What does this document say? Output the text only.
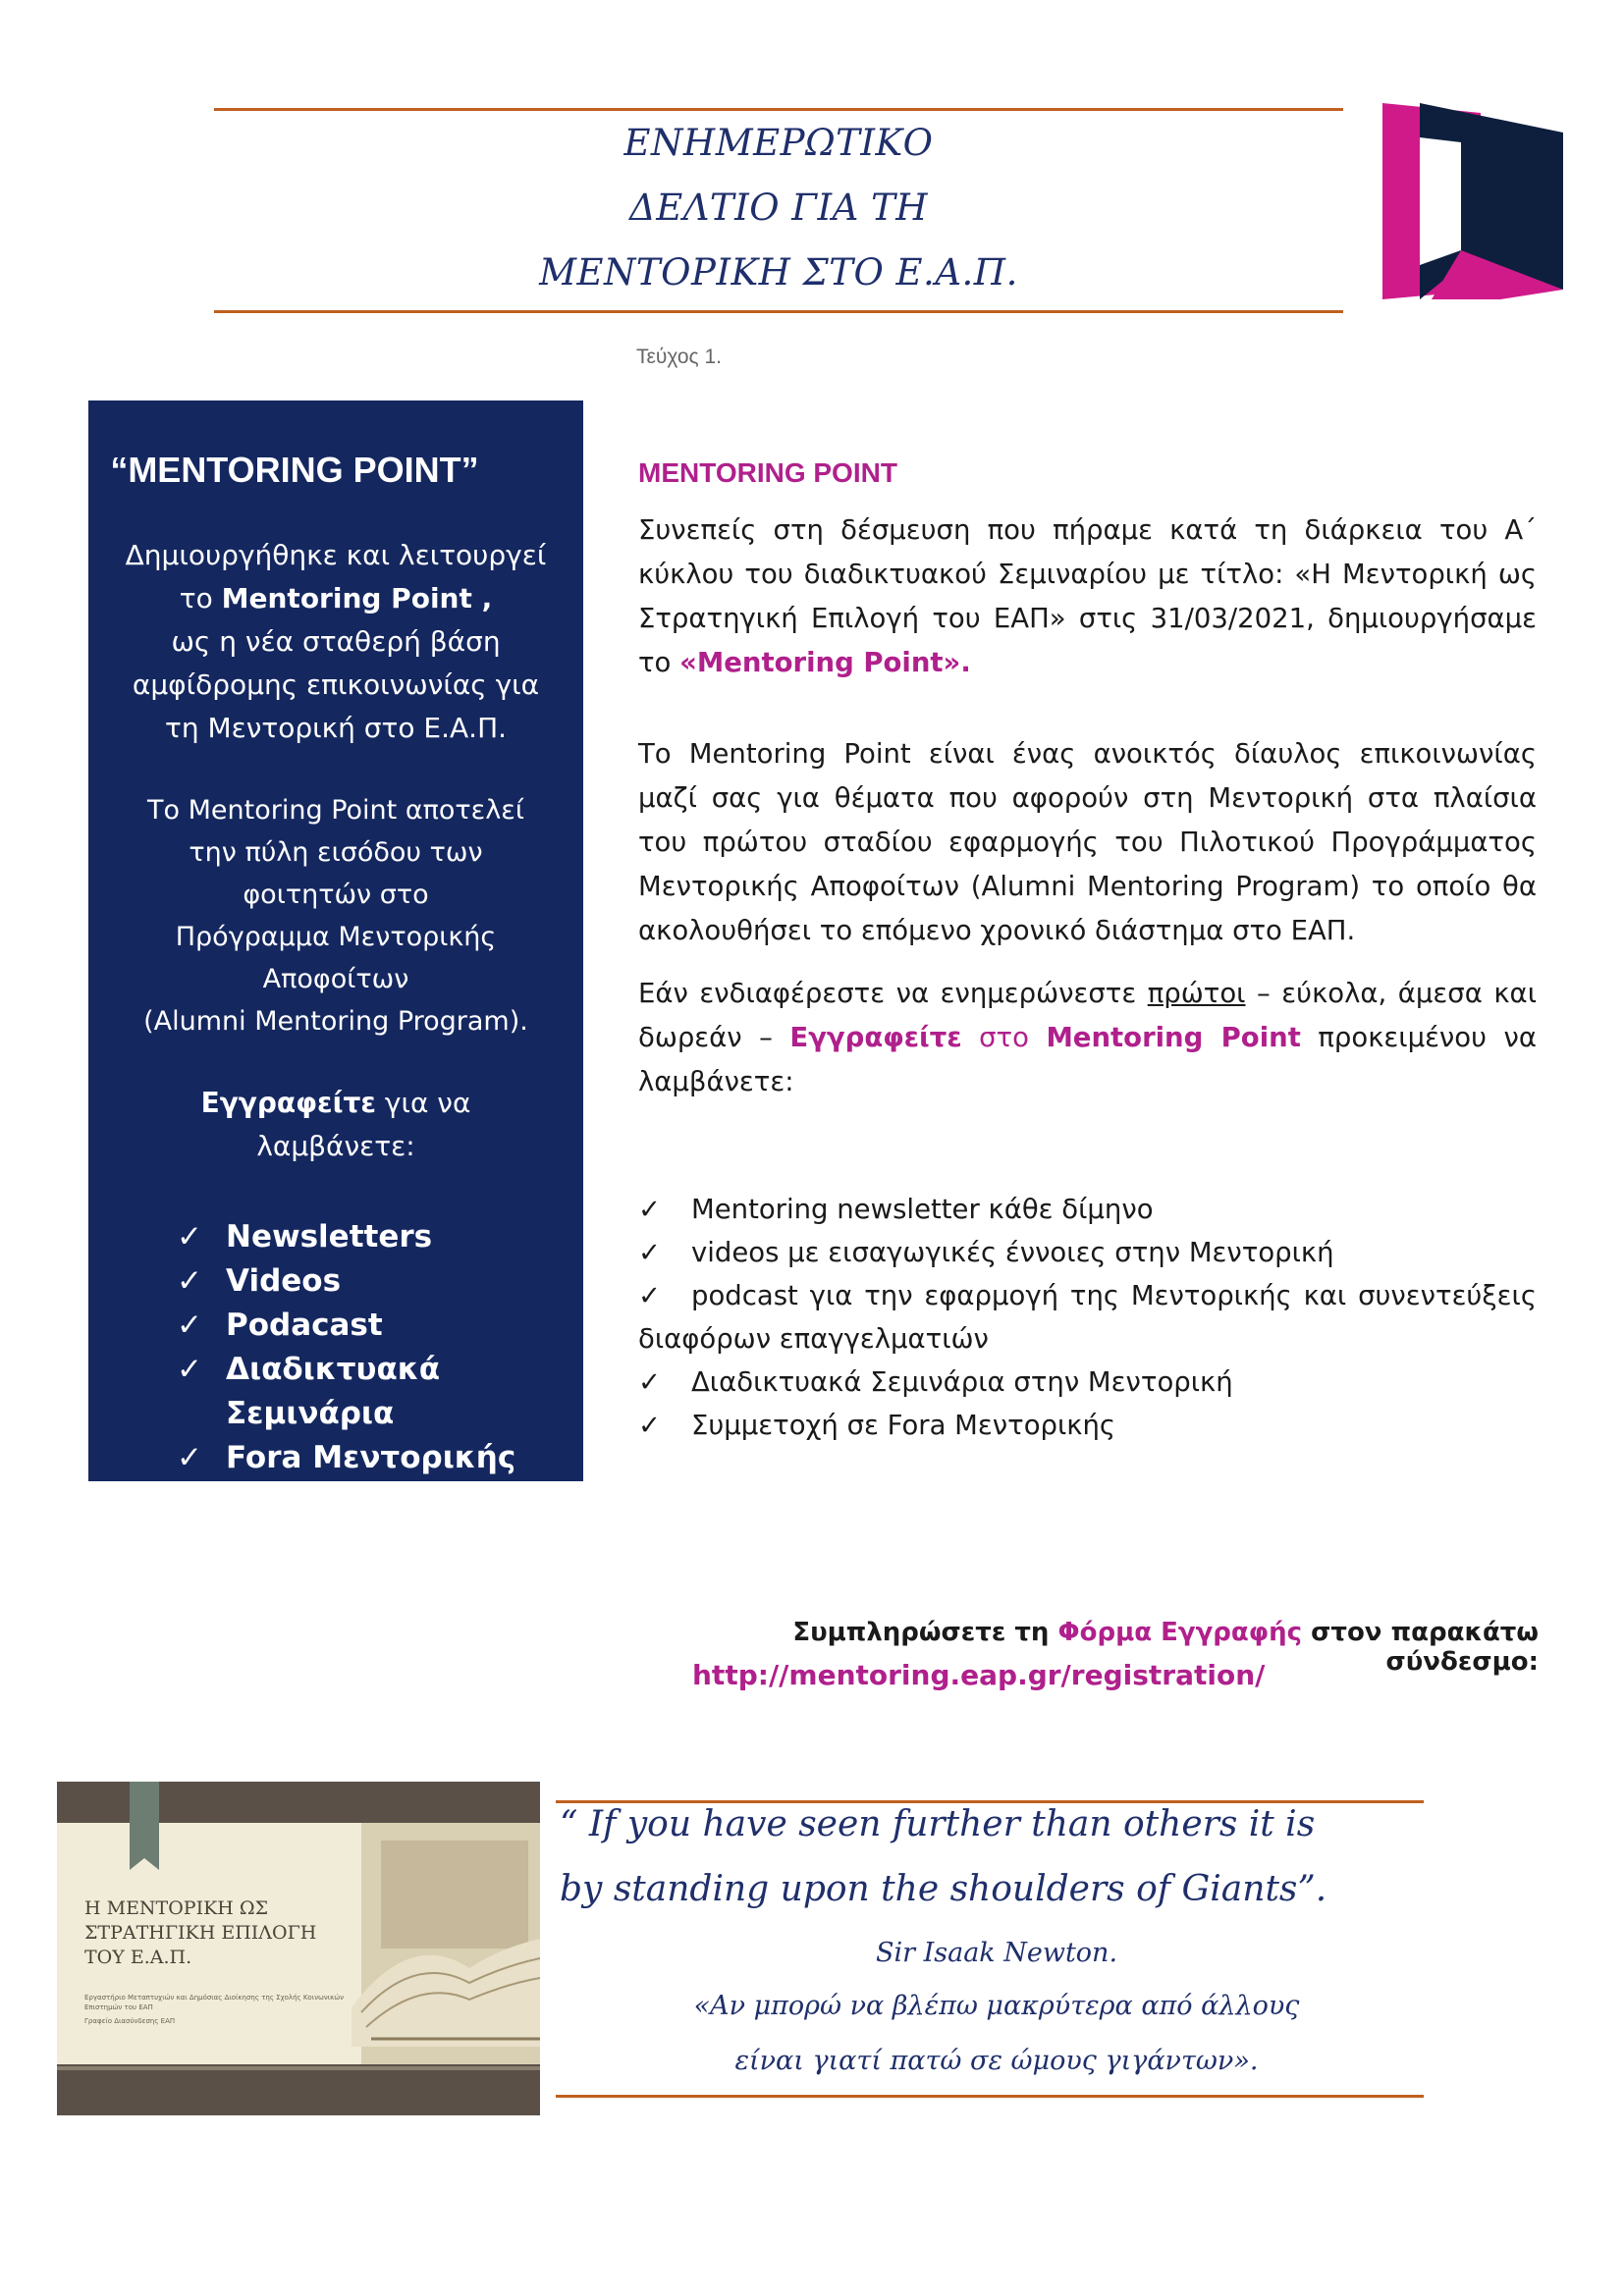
ΕΝΗΜΕΡΩΤΙΚΟ
ΔΕΛΤΙΟ ΓΙΑ ΤΗ
ΜΕΝΤΟΡΙΚΗ ΣΤΟ Ε.Α.Π.
Τεύχος 1.
“MENTORING POINT”
Δημιουργήθηκε και λειτουργεί
το Mentoring Point ,
ως η νέα σταθερή βάση
αμφίδρομης επικοινωνίας για
τη Μεντορική στο Ε.Α.Π.
Το Mentoring Point αποτελεί
την πύλη εισόδου των
φοιτητών στο
Πρόγραμμα Μεντορικής
Αποφοίτων
(Alumni Mentoring Program).
Εγγραφείτε για να
λαμβάνετε:
✓ Newsletters
✓ Videos
✓ Podacast
✓ Διαδικτυακά
Σεμινάρια
✓ Fora Μεντορικής
MENTORING POINT
Συνεπείς στη δέσμευση που πήραμε κατά τη διάρκεια του Α΄ κύκλου του διαδικτυακού Σεμιναρίου με τίτλο: «Η Μεντορική ως Στρατηγική Επιλογή του ΕΑΠ» στις 31/03/2021, δημιουργήσαμε το «Mentoring Point».
Το Mentoring Point είναι ένας ανοικτός δίαυλος επικοινωνίας μαζί σας για θέματα που αφορούν στη Μεντορική στα πλαίσια του πρώτου σταδίου εφαρμογής του Πιλοτικού Προγράμματος Μεντορικής Αποφοίτων (Alumni Mentoring Program) το οποίο θα ακολουθήσει το επόμενο χρονικό διάστημα στο ΕΑΠ.
Εάν ενδιαφέρεστε να ενημερώνεστε πρώτοι – εύκολα, άμεσα και δωρεάν – Εγγραφείτε στο Mentoring Point προκειμένου να λαμβάνετε:
✓ Mentoring newsletter κάθε δίμηνο
✓ videos με εισαγωγικές έννοιες στην Μεντορική
✓ podcast για την εφαρμογή της Μεντορικής και συνεντεύξεις διαφόρων επαγγελματιών
✓ Διαδικτυακά Σεμινάρια στην Μεντορική
✓ Συμμετοχή σε Fora Μεντορικής
Συμπληρώσετε τη Φόρμα Εγγραφής στον παρακάτω σύνδεσμο:
http://mentoring.eap.gr/registration/
Η ΜΕΝΤΟΡΙΚΗ ΩΣ
ΣΤΡΑΤΗΓΙΚΗ ΕΠΙΛΟΓΗ
ΤΟΥ Ε.Α.Π.
Εργαστήριο Μεταπτυχιών και Δημόσιας Διοίκησης της Σχολής Κοινωνικών
Επιστημών του ΕΑΠ
Γραφείο Διασύνδεσης ΕΑΠ
“ If you have seen further than others it is
by standing upon the shoulders of Giants”.
Sir Isaak Newton.
«Αν μπορώ να βλέπω μακρύτερα από άλλους
είναι γιατί πατώ σε ώμους γιγάντων».
